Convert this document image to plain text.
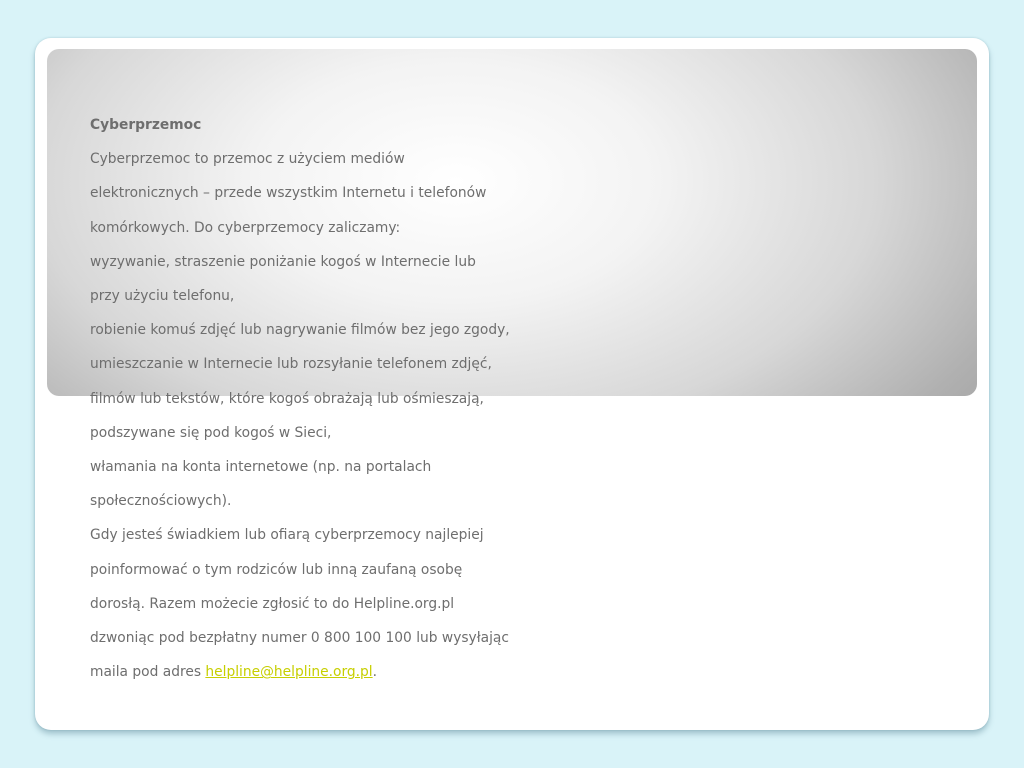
Cyberprzemoc

Cyberprzemoc to przemoc z użyciem mediów

elektronicznych – przede wszystkim Internetu i telefonów

komórkowych. Do cyberprzemocy zaliczamy:

wyzywanie, straszenie poniżanie kogoś w Internecie lub

przy użyciu telefonu,

robienie komuś zdjęć lub nagrywanie filmów bez jego zgody,

umieszczanie w Internecie lub rozsyłanie telefonem zdjęć,

filmów lub tekstów, które kogoś obrażają lub ośmieszają,

podszywane się pod kogoś w Sieci,

włamania na konta internetowe (np. na portalach

społecznościowych).

Gdy jesteś świadkiem lub ofiarą cyberprzemocy najlepiej

poinformować o tym rodziców lub inną zaufaną osobę

dorosłą. Razem możecie zgłosić to do Helpline.org.pl

dzwoniąc pod bezpłatny numer 0 800 100 100 lub wysyłając

maila pod adres helpline@helpline.org.pl.
